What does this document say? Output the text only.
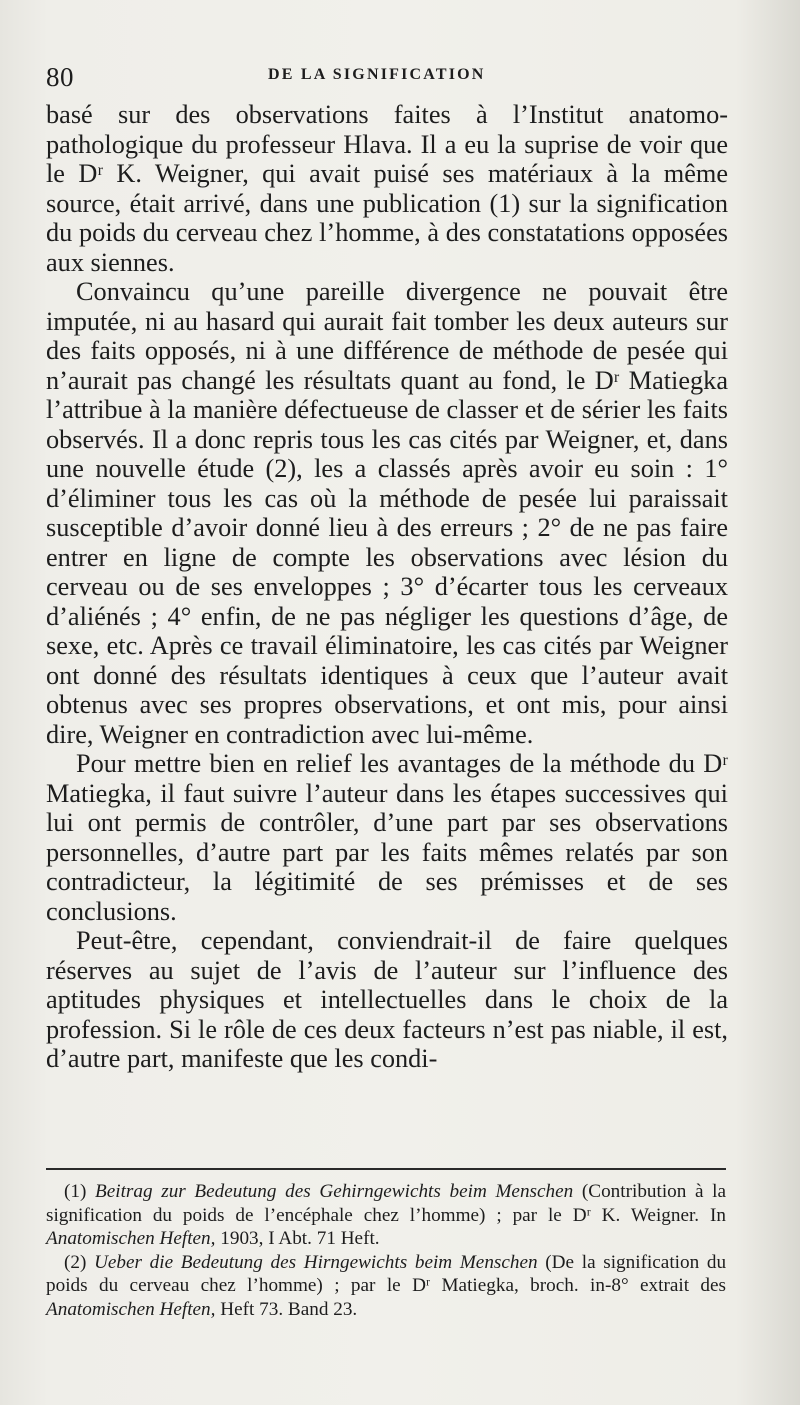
80	DE LA SIGNIFICATION

basé sur des observations faites à l’Institut anatomo-pathologique du professeur Hlava. Il a eu la suprise de voir que le Dʳ K. Weigner, qui avait puisé ses matériaux à la même source, était arrivé, dans une publication (1) sur la signification du poids du cerveau chez l’homme, à des constatations opposées aux siennes.

Convaincu qu’une pareille divergence ne pouvait être imputée, ni au hasard qui aurait fait tomber les deux auteurs sur des faits opposés, ni à une différence de méthode de pesée qui n’aurait pas changé les résultats quant au fond, le Dʳ Matiegka l’attribue à la manière défectueuse de classer et de sérier les faits observés. Il a donc repris tous les cas cités par Weigner, et, dans une nouvelle étude (2), les a classés après avoir eu soin : 1° d’éliminer tous les cas où la méthode de pesée lui paraissait susceptible d’avoir donné lieu à des erreurs ; 2° de ne pas faire entrer en ligne de compte les observations avec lésion du cerveau ou de ses enveloppes ; 3° d’écarter tous les cerveaux d’aliénés ; 4° enfin, de ne pas négliger les questions d’âge, de sexe, etc. Après ce travail éliminatoire, les cas cités par Weigner ont donné des résultats identiques à ceux que l’auteur avait obtenus avec ses propres observations, et ont mis, pour ainsi dire, Weigner en contradiction avec lui-même.

Pour mettre bien en relief les avantages de la méthode du Dʳ Matiegka, il faut suivre l’auteur dans les étapes successives qui lui ont permis de contrôler, d’une part par ses observations personnelles, d’autre part par les faits mêmes relatés par son contradicteur, la légitimité de ses prémisses et de ses conclusions.

Peut-être, cependant, conviendrait-il de faire quelques réserves au sujet de l’avis de l’auteur sur l’influence des aptitudes physiques et intellectuelles dans le choix de la profession. Si le rôle de ces deux facteurs n’est pas niable, il est, d’autre part, manifeste que les condi-

(1) Beitrag zur Bedeutung des Gehirngewichts beim Menschen (Contribution à la signification du poids de l’encéphale chez l’homme) ; par le Dʳ K. Weigner. In Anatomischen Heften, 1903, I Abt. 71 Heft.

(2) Ueber die Bedeutung des Hirngewichts beim Menschen (De la signification du poids du cerveau chez l’homme) ; par le Dʳ Matiegka, broch. in-8° extrait des Anatomischen Heften, Heft 73. Band 23.
